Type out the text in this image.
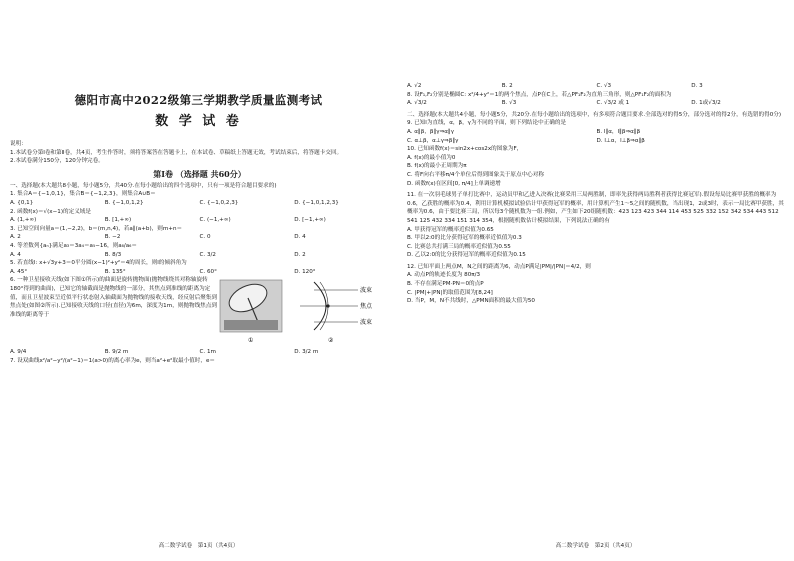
德阳市高中2022级第三学期教学质量监测考试
数 学 试 卷
说明：
1.本试卷分第Ⅰ卷和第Ⅱ卷，共4页，考生作答时，须将答案答在答题卡上，在本试卷、草稿纸上答题无效，考试结束后，将答题卡交回。
2.本试卷满分150分，120分钟完卷。
第Ⅰ卷 （选择题 共60分）
一、选择题(本大题共8小题，每小题5分，共40分.在每小题给出的四个选项中，只有一项是符合题目要求的)
1. 集合A＝{−1,0,1}，集合B＝{−1,2,3}，则集合A∪B＝
A. {0,1}	B. {−1,0,1,2}	C. {−1,0,2,3}	D. {−1,0,1,2,3}
2. 函数f(x)＝√(x−1)的定义域是
A. (1,+∞)	B. [1,+∞)	C. (−1,+∞)	D. [−1,+∞)
3. 已知空间向量a＝(1,−2,2)，b＝(m,n,4)，若a∥(a+b)，则m+n＝
A. 2	B. −2	C. 0	D. 4
4. 等差数列{aₙ}满足a₃＝3a₄＝a₅−16，则a₈/a₆＝
A. 4	B. 8/3	C. 3/2	D. 2
5. 若直线l: x+√3y+3＝0平分圆(x−1)²+y²＝4的周长，则l的倾斜角为
A. 45°	B. 135°	C. 60°	D. 120°
6. 一种卫星接收天线(如下图①所示)的曲面是旋转抛物面(抛物线绕其对称轴旋转180°得到的曲面)，已知它的轴截面是抛物线的一部分，其焦点到准线的距离为定值，而且卫星波束呈近似平行状态射入轴截面为抛物线的接收天线，经反射后聚集到焦点处(如图②所示).已知接收天线的口径(直径)为6m，深度为1m，则抛物线焦点到准线的距离等于
波束
焦点
波束
①	②
A. 9/4	B. 9/2 m	C. 1m	D. 3/2 m
7. 设双曲线x²/a²−y²/(a²−1)＝1(a>0)的离心率为e，则当a²+e²取最小值时，e＝
高二数学试卷　第1页（共4页）
A. √2	B. 2	C. √3	D. 3
8. 设F₁,F₂分别是椭圆C: x²/4+y²＝1的两个焦点，点P在C上，若△PF₁F₂为直角三角形，则△PF₁F₂的面积为
A. √3/2	B. √3	C. √3/2 或 1	D. 1或√3/2
二、选择题(本大题共4小题，每小题5分，共20分.在每小题给出的选项中，有多项符合题目要求.全部选对的得5分，部分选对的得2分，有选错的得0分)
9. 已知l为直线，α，β，γ为不同的平面，则下列结论中正确的是
A. α∥β，β∥γ⇒α∥γ	B. l∥α，l∥β⇒α∥β
C. α⊥β，α⊥γ⇒β∥γ	D. l⊥α，l⊥β⇒α∥β
10. 已知函数f(x)＝sin2x+cos2x的图象为F，
A. f(x)的最小值为0
B. f(x)的最小正周期为π
C. 将F向右平移π/4个单位后得到图象关于原点中心对称
D. 函数f(x)在区间[0, π/4]上单调递增
11. 在一次羽毛球男子单打比赛中，运动员甲和乙进入决赛(比赛采用三局两胜制，即率先获得两局胜利者获得比赛冠军).假设每局比赛甲获胜的概率为0.6，乙获胜的概率为0.4，利用计算机模拟试验估计甲获得冠军的概率，用计算机产生1～5之间的随机数，当出现1，2或3时，表示一局比赛甲获胜，其概率为0.6，由于要比赛三局，所以每3个随机数为一组.例如，产生如下20组随机数：423 123 423 344 114 453 525 332 152 342 534 443 512 541 125 432 334 151 314 354，根据随机数估计模拟结果，下列说法正确的有
A. 甲获得冠军的概率近似值为0.65
B. 甲以2:0的比分获得冠军的概率近似值为0.3
C. 比赛总共打满三局的概率近似值为0.55
D. 乙以2:0的比分获得冠军的概率近似值为0.15
12. 已知平面上两点M，N之间的距离为6，动点P满足|PM|/|PN|＝4/2，则
A. 动点P的轨迹长度为 80π/3
B. 不存在满足PM·PN＝0的点P
C. |PM|+|PN|的取值范围为[8,24]
D. 当P，M，N不共线时，△PMN面积的最大值为50
高二数学试卷　第2页（共4页）
